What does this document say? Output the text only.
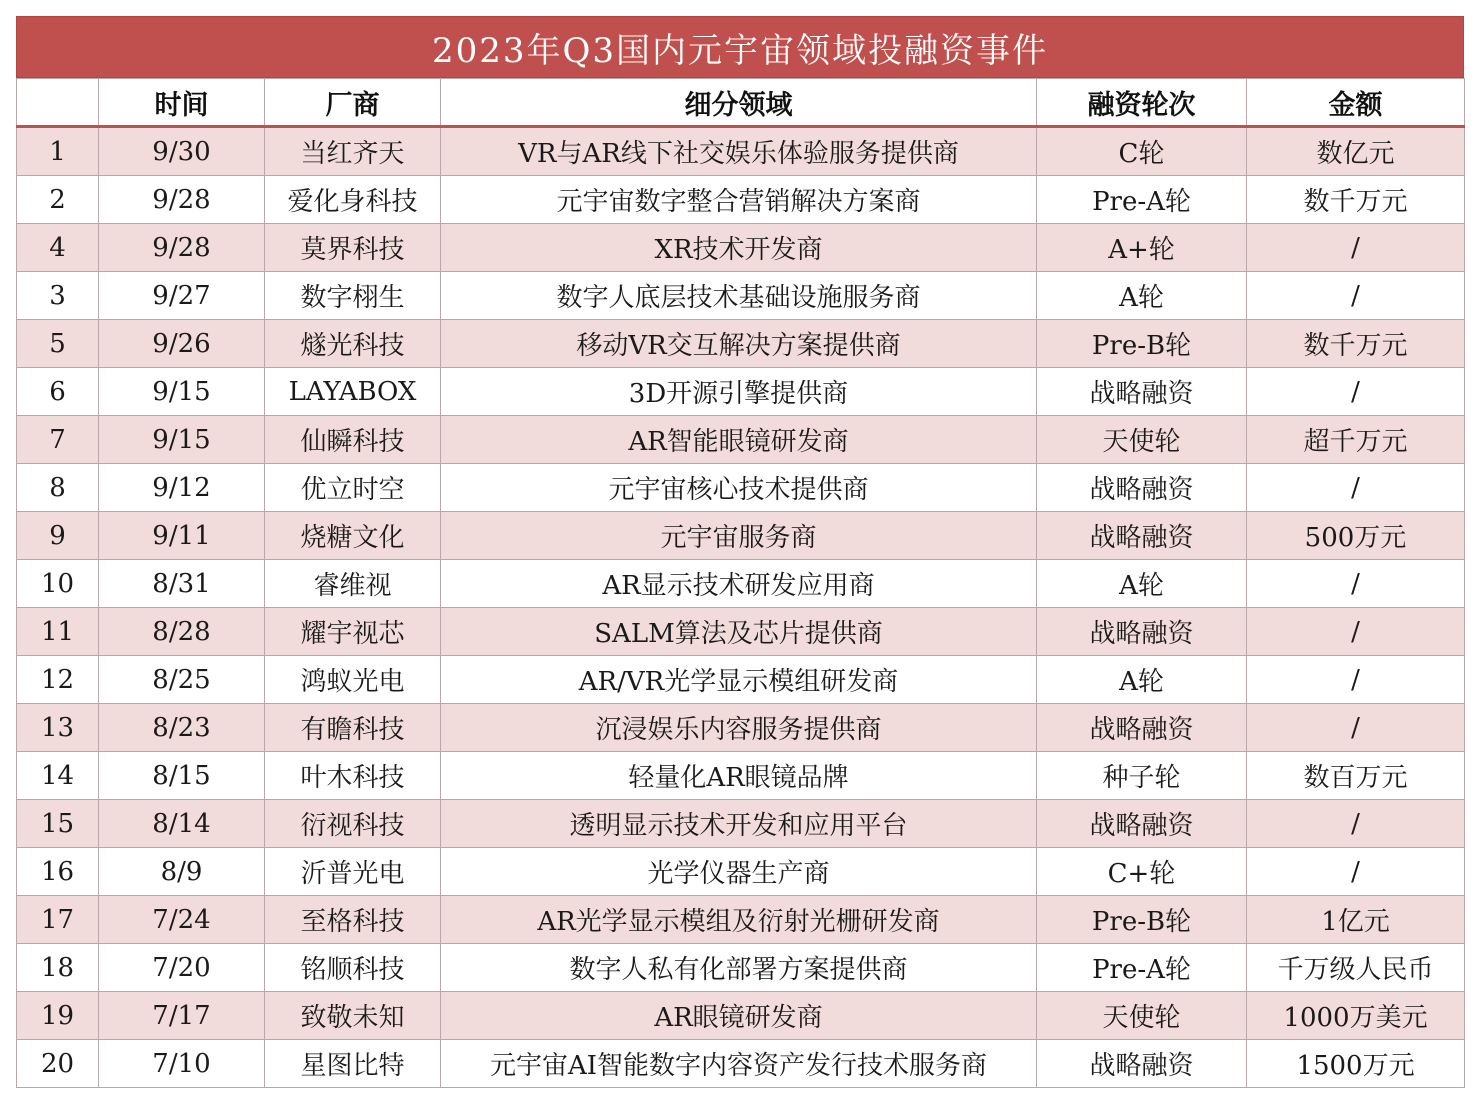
2023年Q3国内元宇宙领域投融资事件
	时间	厂商	细分领域	融资轮次	金额
1	9/30	当红齐天	VR与AR线下社交娱乐体验服务提供商	C轮	数亿元
2	9/28	爱化身科技	元宇宙数字整合营销解决方案商	Pre-A轮	数千万元
4	9/28	莫界科技	XR技术开发商	A+轮	/
3	9/27	数字栩生	数字人底层技术基础设施服务商	A轮	/
5	9/26	燧光科技	移动VR交互解决方案提供商	Pre-B轮	数千万元
6	9/15	LAYABOX	3D开源引擎提供商	战略融资	/
7	9/15	仙瞬科技	AR智能眼镜研发商	天使轮	超千万元
8	9/12	优立时空	元宇宙核心技术提供商	战略融资	/
9	9/11	烧糖文化	元宇宙服务商	战略融资	500万元
10	8/31	睿维视	AR显示技术研发应用商	A轮	/
11	8/28	耀宇视芯	SALM算法及芯片提供商	战略融资	/
12	8/25	鸿蚁光电	AR/VR光学显示模组研发商	A轮	/
13	8/23	有瞻科技	沉浸娱乐内容服务提供商	战略融资	/
14	8/15	叶木科技	轻量化AR眼镜品牌	种子轮	数百万元
15	8/14	衍视科技	透明显示技术开发和应用平台	战略融资	/
16	8/9	沂普光电	光学仪器生产商	C+轮	/
17	7/24	至格科技	AR光学显示模组及衍射光栅研发商	Pre-B轮	1亿元
18	7/20	铭顺科技	数字人私有化部署方案提供商	Pre-A轮	千万级人民币
19	7/17	致敬未知	AR眼镜研发商	天使轮	1000万美元
20	7/10	星图比特	元宇宙AI智能数字内容资产发行技术服务商	战略融资	1500万元
